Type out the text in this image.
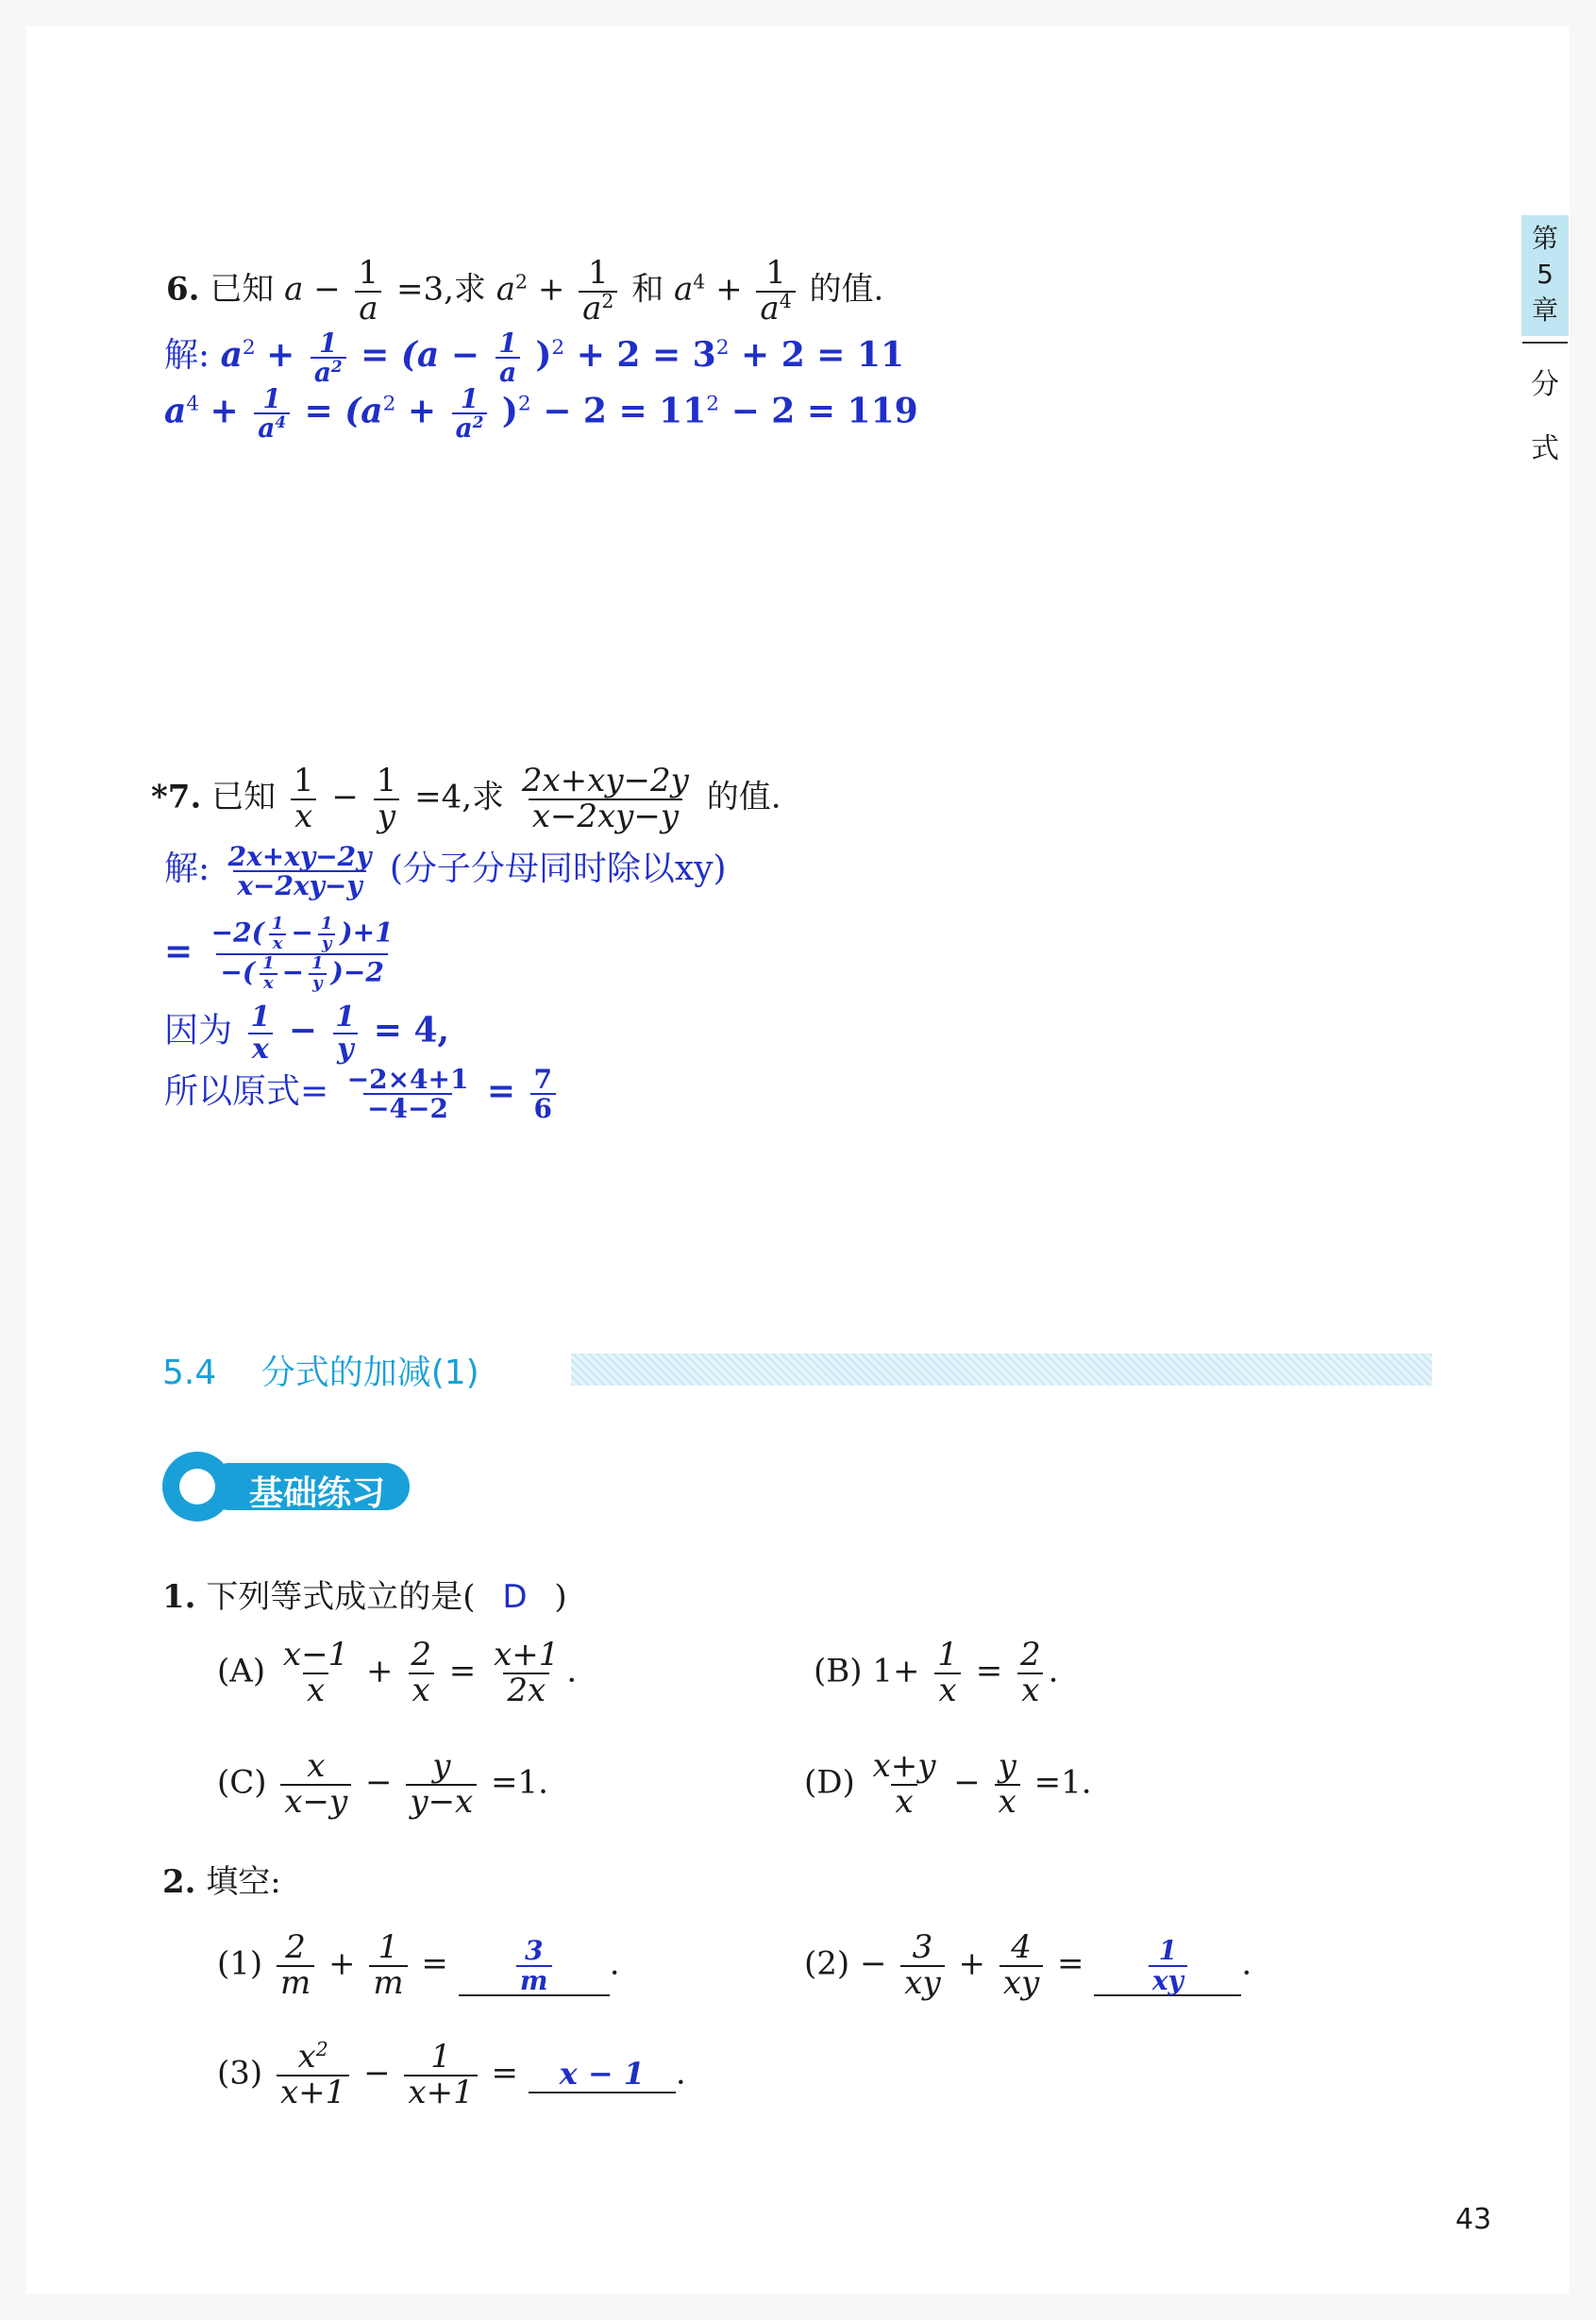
第
5
章
分
式
6. 已知 $a - \frac{1}{a} =3$,求 $a^2 + \frac{1}{a^2}$ 和 $a^4 + \frac{1}{a^4}$ 的值.
解: $a^2 + \frac{1}{a^2} = (a - \frac{1}{a} )^2 + 2 = 3^2 + 2 = 11$
$a^4 + \frac{1}{a^4} = (a^2 + \frac{1}{a^2} )^2 - 2 = 11^2 - 2 = 119$
*7. 已知 $\frac{1}{x} - \frac{1}{y} =4$,求 $\frac{2x+xy-2y}{x-2xy-y}$ 的值.
解: $\frac{2x+xy-2y}{x-2xy-y}$ (分子分母同时除以xy)
= $\frac{-2( \frac{1}{x} - \frac{1}{y} )+1}{-( \frac{1}{x} - \frac{1}{y} )-2}$
因为 $\frac{1}{x} - \frac{1}{y} = 4$,
所以原式= $\frac{-2\times 4+1}{-4-2} = \frac{7}{6}$
5.4 分式的加减(1)
基础练习
1. 下列等式成立的是( D )
$(A) \frac{x-1}{x} + \frac{2}{x} = \frac{x+1}{2x}$ .	(B) $1+ \frac{1}{x} = \frac{2}{x}$ .
$(C) \frac{x}{x-y} - \frac{y}{y-x} =1$.	$(D) \frac{x+y}{x} - \frac{y}{x} =1$.
2. 填空:
$(1) \frac{2}{m} + \frac{1}{m}$ =	$\frac{3}{m}$ .	$(2) - \frac{3}{xy} + \frac{4}{xy} = \frac{1}{xy}$ .
$(3) \frac{x^2}{x+1} - \frac{1}{x+1} = x - 1$ .
43
